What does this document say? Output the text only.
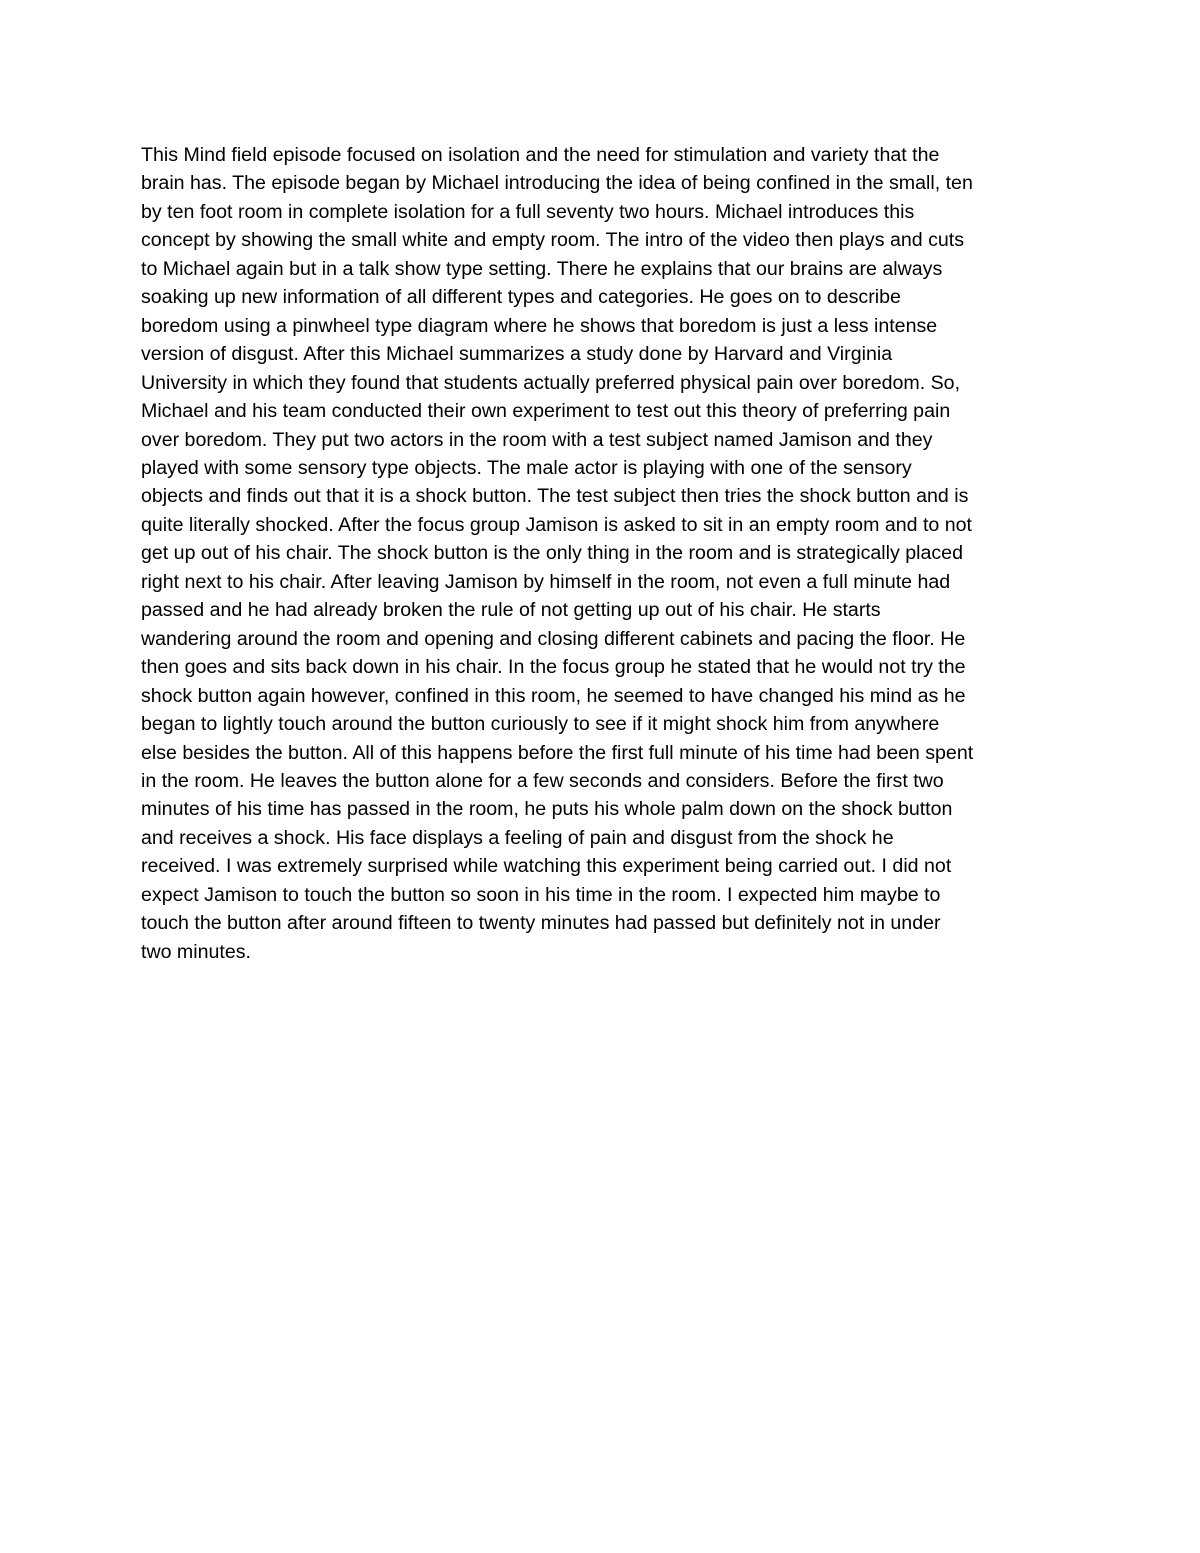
This Mind field episode focused on isolation and the need for stimulation and variety that the
brain has. The episode began by Michael introducing the idea of being confined in the small, ten
by ten foot room in complete isolation for a full seventy two hours. Michael introduces this
concept by showing the small white and empty room. The intro of the video then plays and cuts
to Michael again but in a talk show type setting. There he explains that our brains are always
soaking up new information of all different types and categories. He goes on to describe
boredom using a pinwheel type diagram where he shows that boredom is just a less intense
version of disgust. After this Michael summarizes a study done by Harvard and Virginia
University in which they found that students actually preferred physical pain over boredom. So,
Michael and his team conducted their own experiment to test out this theory of preferring pain
over boredom. They put two actors in the room with a test subject named Jamison and they
played with some sensory type objects. The male actor is playing with one of the sensory
objects and finds out that it is a shock button. The test subject then tries the shock button and is
quite literally shocked. After the focus group Jamison is asked to sit in an empty room and to not
get up out of his chair. The shock button is the only thing in the room and is strategically placed
right next to his chair. After leaving Jamison by himself in the room, not even a full minute had
passed and he had already broken the rule of not getting up out of his chair. He starts
wandering around the room and opening and closing different cabinets and pacing the floor. He
then goes and sits back down in his chair. In the focus group he stated that he would not try the
shock button again however, confined in this room, he seemed to have changed his mind as he
began to lightly touch around the button curiously to see if it might shock him from anywhere
else besides the button. All of this happens before the first full minute of his time had been spent
in the room. He leaves the button alone for a few seconds and considers. Before the first two
minutes of his time has passed in the room, he puts his whole palm down on the shock button
and receives a shock. His face displays a feeling of pain and disgust from the shock he
received. I was extremely surprised while watching this experiment being carried out. I did not
expect Jamison to touch the button so soon in his time in the room. I expected him maybe to
touch the button after around fifteen to twenty minutes had passed but definitely not in under
two minutes.
